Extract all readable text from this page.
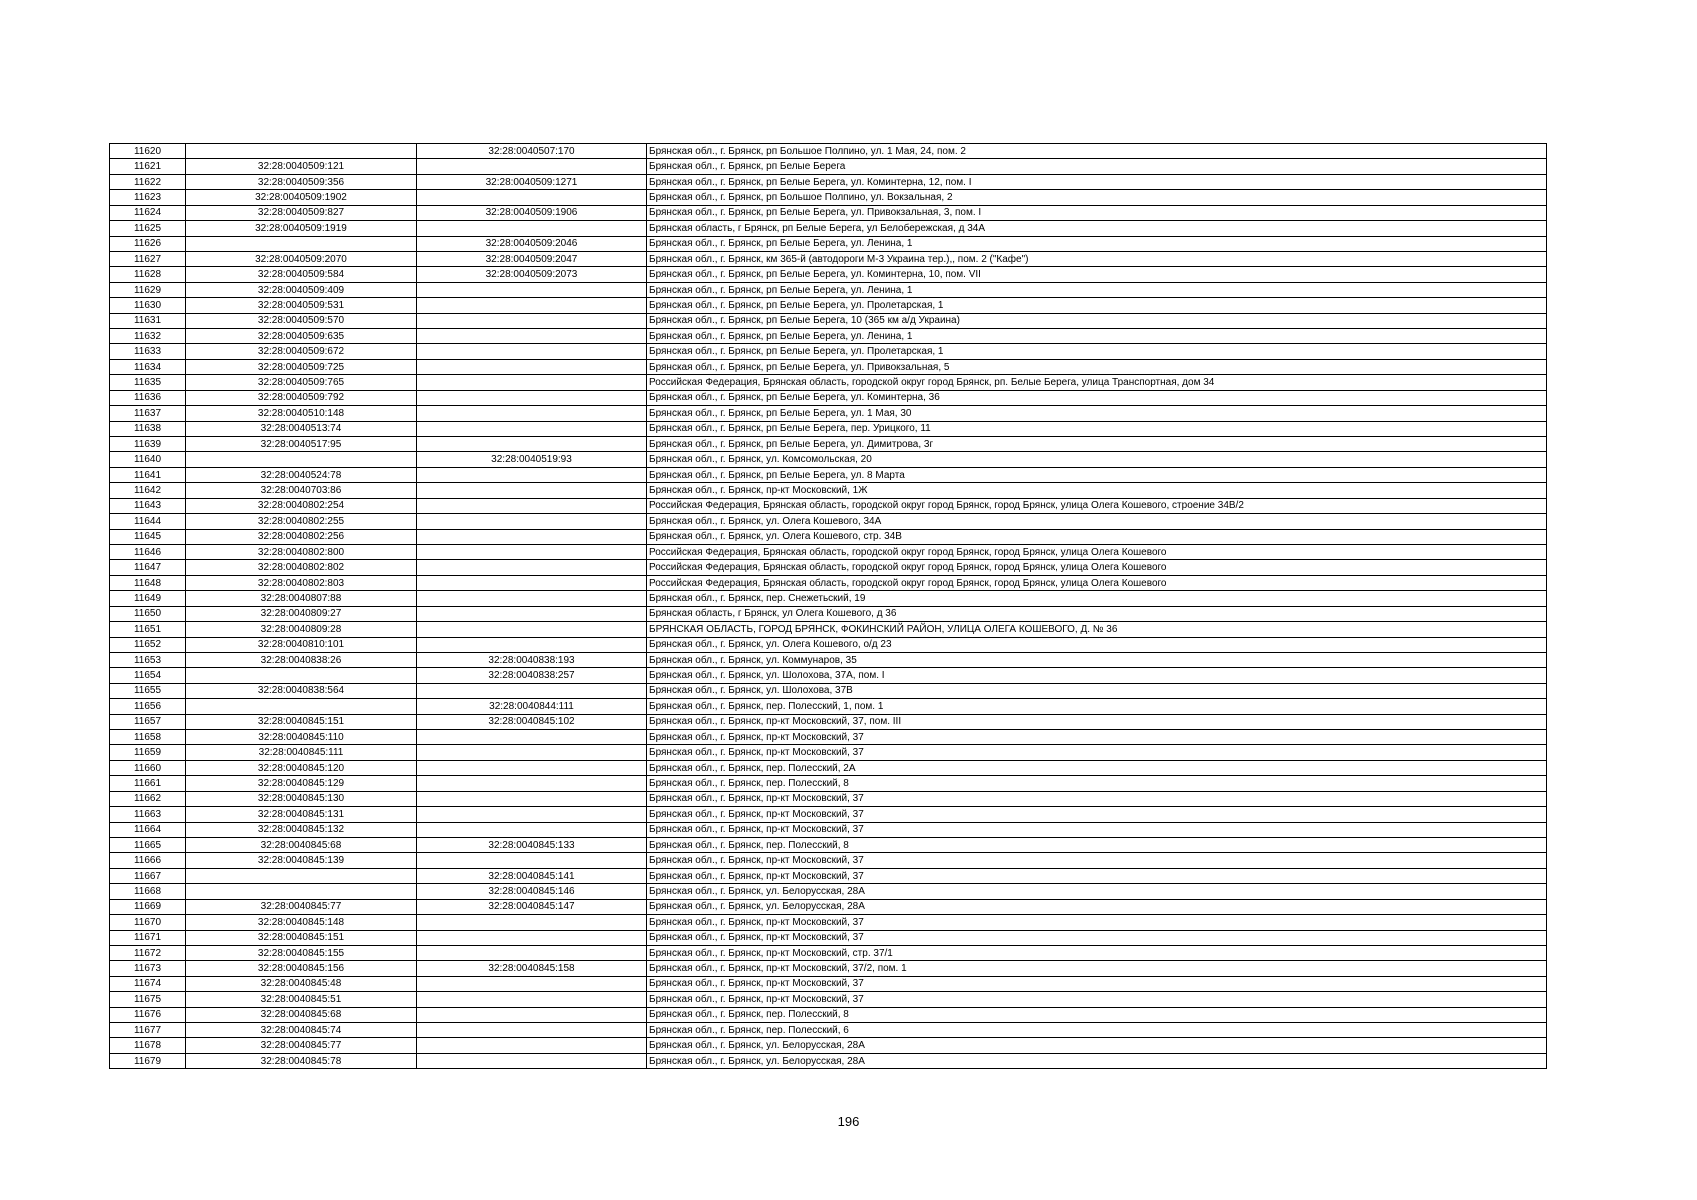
11620		32:28:0040507:170	Брянская обл., г. Брянск, рп Большое Полпино, ул. 1 Мая, 24, пом. 2
11621	32:28:0040509:121		Брянская обл., г. Брянск, рп Белые Берега
11622	32:28:0040509:356	32:28:0040509:1271	Брянская обл., г. Брянск, рп Белые Берега, ул. Коминтерна, 12, пом. I
11623	32:28:0040509:1902		Брянская обл., г. Брянск, рп Большое Полпино, ул. Вокзальная, 2
11624	32:28:0040509:827	32:28:0040509:1906	Брянская обл., г. Брянск, рп Белые Берега, ул. Привокзальная, 3, пом. I
11625	32:28:0040509:1919		Брянская область, г Брянск, рп Белые Берега, ул Белобережская, д 34А
11626		32:28:0040509:2046	Брянская обл., г. Брянск, рп Белые Берега, ул. Ленина, 1
11627	32:28:0040509:2070	32:28:0040509:2047	Брянская обл., г. Брянск, км 365-й (автодороги М-3 Украина тер.),, пом. 2 ("Кафе")
11628	32:28:0040509:584	32:28:0040509:2073	Брянская обл., г. Брянск, рп Белые Берега, ул. Коминтерна, 10, пом. VII
11629	32:28:0040509:409		Брянская обл., г. Брянск, рп Белые Берега, ул. Ленина, 1
11630	32:28:0040509:531		Брянская обл., г. Брянск, рп Белые Берега, ул. Пролетарская, 1
11631	32:28:0040509:570		Брянская обл., г. Брянск, рп Белые Берега, 10 (365 км а/д Украина)
11632	32:28:0040509:635		Брянская обл., г. Брянск, рп Белые Берега, ул. Ленина, 1
11633	32:28:0040509:672		Брянская обл., г. Брянск, рп Белые Берега, ул. Пролетарская, 1
11634	32:28:0040509:725		Брянская обл., г. Брянск, рп Белые Берега, ул. Привокзальная, 5
11635	32:28:0040509:765		Российская Федерация, Брянская область, городской округ город Брянск, рп. Белые Берега, улица Транспортная, дом 34
11636	32:28:0040509:792		Брянская обл., г. Брянск, рп Белые Берега, ул. Коминтерна, 36
11637	32:28:0040510:148		Брянская обл., г. Брянск, рп Белые Берега, ул. 1 Мая, 30
11638	32:28:0040513:74		Брянская обл., г. Брянск, рп Белые Берега, пер. Урицкого, 11
11639	32:28:0040517:95		Брянская обл., г. Брянск, рп Белые Берега, ул. Димитрова, 3г
11640		32:28:0040519:93	Брянская обл., г. Брянск, ул. Комсомольская, 20
11641	32:28:0040524:78		Брянская обл., г. Брянск, рп Белые Берега, ул. 8 Марта
11642	32:28:0040703:86		Брянская обл., г. Брянск, пр-кт Московский, 1Ж
11643	32:28:0040802:254		Российская Федерация, Брянская область, городской округ город Брянск, город Брянск, улица Олега Кошевого, строение 34В/2
11644	32:28:0040802:255		Брянская обл., г. Брянск, ул. Олега Кошевого, 34А
11645	32:28:0040802:256		Брянская обл., г. Брянск, ул. Олега Кошевого, стр. 34В
11646	32:28:0040802:800		Российская Федерация, Брянская область, городской округ город Брянск, город Брянск, улица Олега Кошевого
11647	32:28:0040802:802		Российская Федерация, Брянская область, городской округ город Брянск, город Брянск, улица Олега Кошевого
11648	32:28:0040802:803		Российская Федерация, Брянская область, городской округ город Брянск, город Брянск, улица Олега Кошевого
11649	32:28:0040807:88		Брянская обл., г. Брянск, пер. Снежетьский, 19
11650	32:28:0040809:27		Брянская область, г Брянск, ул Олега Кошевого, д 36
11651	32:28:0040809:28		БРЯНСКАЯ ОБЛАСТЬ, ГОРОД БРЯНСК, ФОКИНСКИЙ РАЙОН, УЛИЦА ОЛЕГА КОШЕВОГО, Д. № 36
11652	32:28:0040810:101		Брянская обл., г. Брянск, ул. Олега Кошевого, о/д 23
11653	32:28:0040838:26	32:28:0040838:193	Брянская обл., г. Брянск, ул. Коммунаров, 35
11654		32:28:0040838:257	Брянская обл., г. Брянск, ул. Шолохова, 37А, пом. I
11655	32:28:0040838:564		Брянская обл., г. Брянск, ул. Шолохова, 37В
11656		32:28:0040844:111	Брянская обл., г. Брянск, пер. Полесский, 1, пом. 1
11657	32:28:0040845:151	32:28:0040845:102	Брянская обл., г. Брянск, пр-кт Московский, 37, пом. III
11658	32:28:0040845:110		Брянская обл., г. Брянск, пр-кт Московский, 37
11659	32:28:0040845:111		Брянская обл., г. Брянск, пр-кт Московский, 37
11660	32:28:0040845:120		Брянская обл., г. Брянск, пер. Полесский, 2А
11661	32:28:0040845:129		Брянская обл., г. Брянск, пер. Полесский, 8
11662	32:28:0040845:130		Брянская обл., г. Брянск, пр-кт Московский, 37
11663	32:28:0040845:131		Брянская обл., г. Брянск, пр-кт Московский, 37
11664	32:28:0040845:132		Брянская обл., г. Брянск, пр-кт Московский, 37
11665	32:28:0040845:68	32:28:0040845:133	Брянская обл., г. Брянск, пер. Полесский, 8
11666	32:28:0040845:139		Брянская обл., г. Брянск, пр-кт Московский, 37
11667		32:28:0040845:141	Брянская обл., г. Брянск, пр-кт Московский, 37
11668		32:28:0040845:146	Брянская обл., г. Брянск, ул. Белорусская, 28А
11669	32:28:0040845:77	32:28:0040845:147	Брянская обл., г. Брянск, ул. Белорусская, 28А
11670	32:28:0040845:148		Брянская обл., г. Брянск, пр-кт Московский, 37
11671	32:28:0040845:151		Брянская обл., г. Брянск, пр-кт Московский, 37
11672	32:28:0040845:155		Брянская обл., г. Брянск, пр-кт Московский, стр. 37/1
11673	32:28:0040845:156	32:28:0040845:158	Брянская обл., г. Брянск, пр-кт Московский, 37/2, пом. 1
11674	32:28:0040845:48		Брянская обл., г. Брянск, пр-кт Московский, 37
11675	32:28:0040845:51		Брянская обл., г. Брянск, пр-кт Московский, 37
11676	32:28:0040845:68		Брянская обл., г. Брянск, пер. Полесский, 8
11677	32:28:0040845:74		Брянская обл., г. Брянск, пер. Полесский, 6
11678	32:28:0040845:77		Брянская обл., г. Брянск, ул. Белорусская, 28А
11679	32:28:0040845:78		Брянская обл., г. Брянск, ул. Белорусская, 28А
196
